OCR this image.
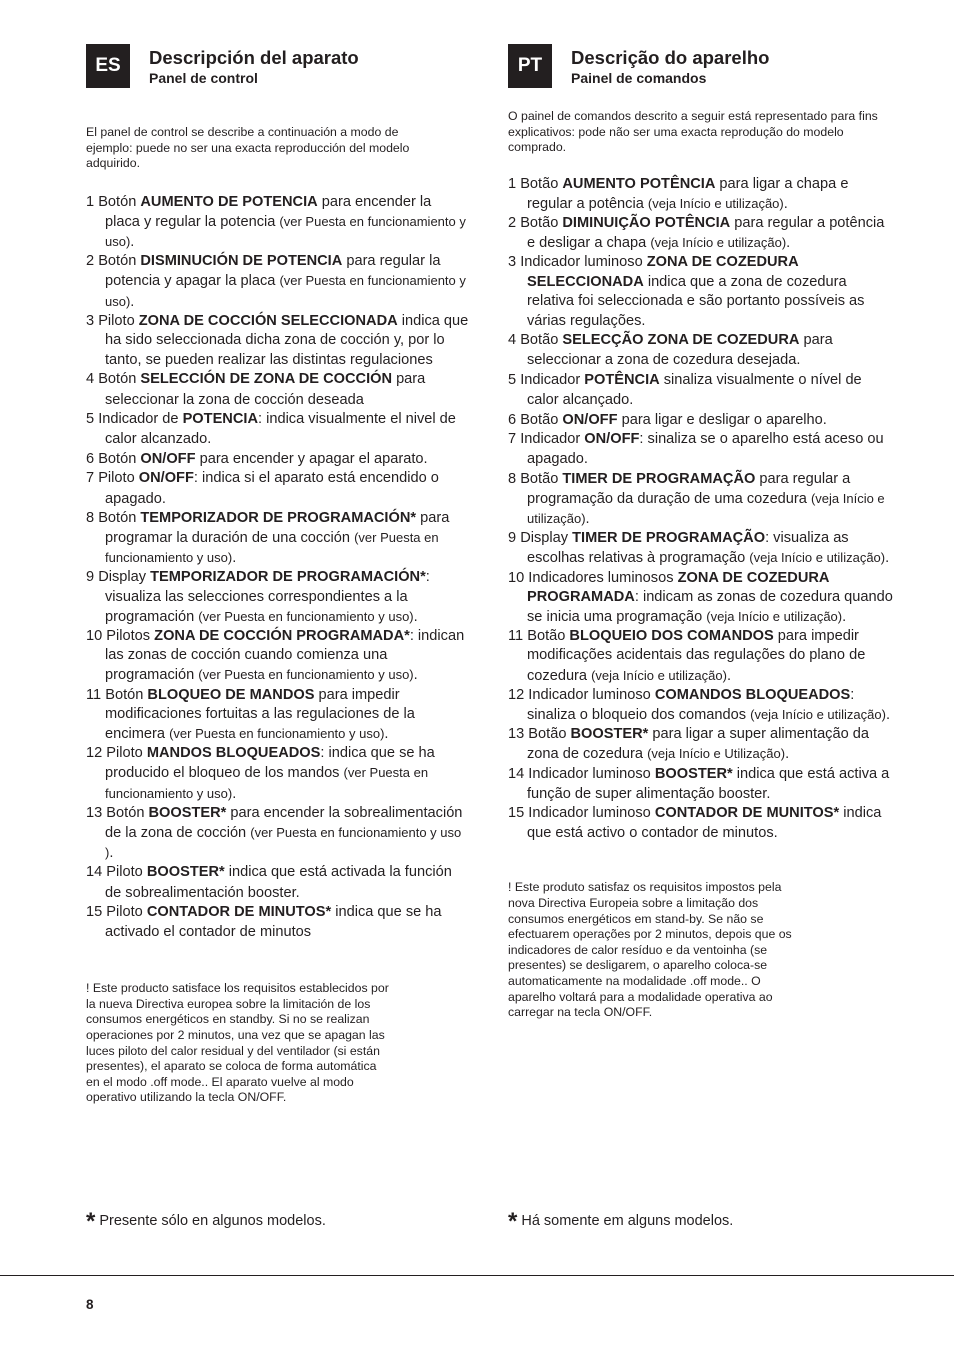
ES	Descripción del aparato
Panel de control
El panel de control se describe a continuación a modo de ejemplo: puede no ser una exacta reproducción del modelo adquirido.
1 Botón AUMENTO DE POTENCIA para encender la placa y regular la potencia (ver Puesta en funcionamiento y uso).
2 Botón DISMINUCIÓN DE POTENCIA para regular la potencia y apagar la placa (ver Puesta en funcionamiento y uso).
3 Piloto ZONA DE COCCIÓN SELECCIONADA indica que ha sido seleccionada dicha zona de cocción y, por lo tanto, se pueden realizar las distintas regulaciones
4 Botón SELECCIÓN DE ZONA DE COCCIÓN para seleccionar la zona de cocción deseada
5 Indicador de POTENCIA: indica visualmente el nivel de calor alcanzado.
6 Botón ON/OFF para encender y apagar el aparato.
7 Piloto ON/OFF: indica si el aparato está encendido o apagado.
8 Botón TEMPORIZADOR DE PROGRAMACIÓN* para programar la duración de una cocción (ver Puesta en funcionamiento y uso).
9 Display TEMPORIZADOR DE PROGRAMACIÓN*: visualiza las selecciones correspondientes a la programación (ver Puesta en funcionamiento y uso).
10 Pilotos ZONA DE COCCIÓN PROGRAMADA*: indican las zonas de cocción cuando comienza una programación (ver Puesta en funcionamiento y uso).
11 Botón BLOQUEO DE MANDOS para impedir modificaciones fortuitas a las regulaciones de la encimera (ver Puesta en funcionamiento y uso).
12 Piloto MANDOS BLOQUEADOS: indica que se ha producido el bloqueo de los mandos (ver Puesta en funcionamiento y uso).
13 Botón BOOSTER* para encender la sobrealimentación de la zona de cocción (ver Puesta en funcionamiento y uso ).
14 Piloto BOOSTER* indica que está activada la función de sobrealimentación booster.
15 Piloto CONTADOR DE MINUTOS* indica que se ha activado el contador de minutos
! Este producto satisface los requisitos establecidos por la nueva Directiva europea sobre la limitación de los consumos energéticos en standby. Si no se realizan operaciones por 2 minutos, una vez que se apagan las luces piloto del calor residual y del ventilador (si están presentes), el aparato se coloca de forma automática en el modo .off mode.. El aparato vuelve al modo operativo utilizando la tecla ON/OFF.
PT	Descrição do aparelho
Painel de comandos
O painel de comandos descrito a seguir está representado para fins explicativos: pode não ser uma exacta reprodução do modelo comprado.
1 Botão AUMENTO POTÊNCIA para ligar a chapa e regular a potência (veja Início e utilização).
2 Botão DIMINUIÇÃO POTÊNCIA para regular a potência e desligar a chapa (veja Início e utilização).
3 Indicador luminoso ZONA DE COZEDURA SELECCIONADA indica que a zona de cozedura relativa foi seleccionada e são portanto possíveis as várias regulações.
4 Botão SELECÇÃO ZONA DE COZEDURA para seleccionar a zona de cozedura desejada.
5 Indicador POTÊNCIA sinaliza visualmente o nível de calor alcançado.
6 Botão ON/OFF para ligar e desligar o aparelho.
7 Indicador ON/OFF: sinaliza se o aparelho está aceso ou apagado.
8 Botão TIMER DE PROGRAMAÇÃO para regular a programação da duração de uma cozedura (veja Início e utilização).
9 Display TIMER DE PROGRAMAÇÃO: visualiza as escolhas relativas à programação (veja Início e utilização).
10 Indicadores luminosos ZONA DE COZEDURA PROGRAMADA: indicam as zonas de cozedura quando se inicia uma programação (veja Início e utilização).
11 Botão BLOQUEIO DOS COMANDOS para impedir modificações acidentais das regulações do plano de cozedura (veja Início e utilização).
12 Indicador luminoso COMANDOS BLOQUEADOS: sinaliza o bloqueio dos comandos (veja Início e utilização).
13 Botão BOOSTER* para ligar a super alimentação da zona de cozedura (veja Início e Utilização).
14 Indicador luminoso BOOSTER* indica que está activa a função de super alimentação booster.
15 Indicador luminoso CONTADOR DE MUNITOS* indica que está activo o contador de minutos.
! Este produto satisfaz os requisitos impostos pela nova Directiva Europeia sobre a limitação dos consumos energéticos em stand-by. Se não se efectuarem operações por 2 minutos, depois que os indicadores de calor resíduo e da ventoinha (se presentes) se desligarem, o aparelho coloca-se automaticamente na modalidade .off mode.. O aparelho voltará para a modalidade operativa ao carregar na tecla ON/OFF.
* Presente sólo en algunos modelos.	* Há somente em alguns modelos.
8
